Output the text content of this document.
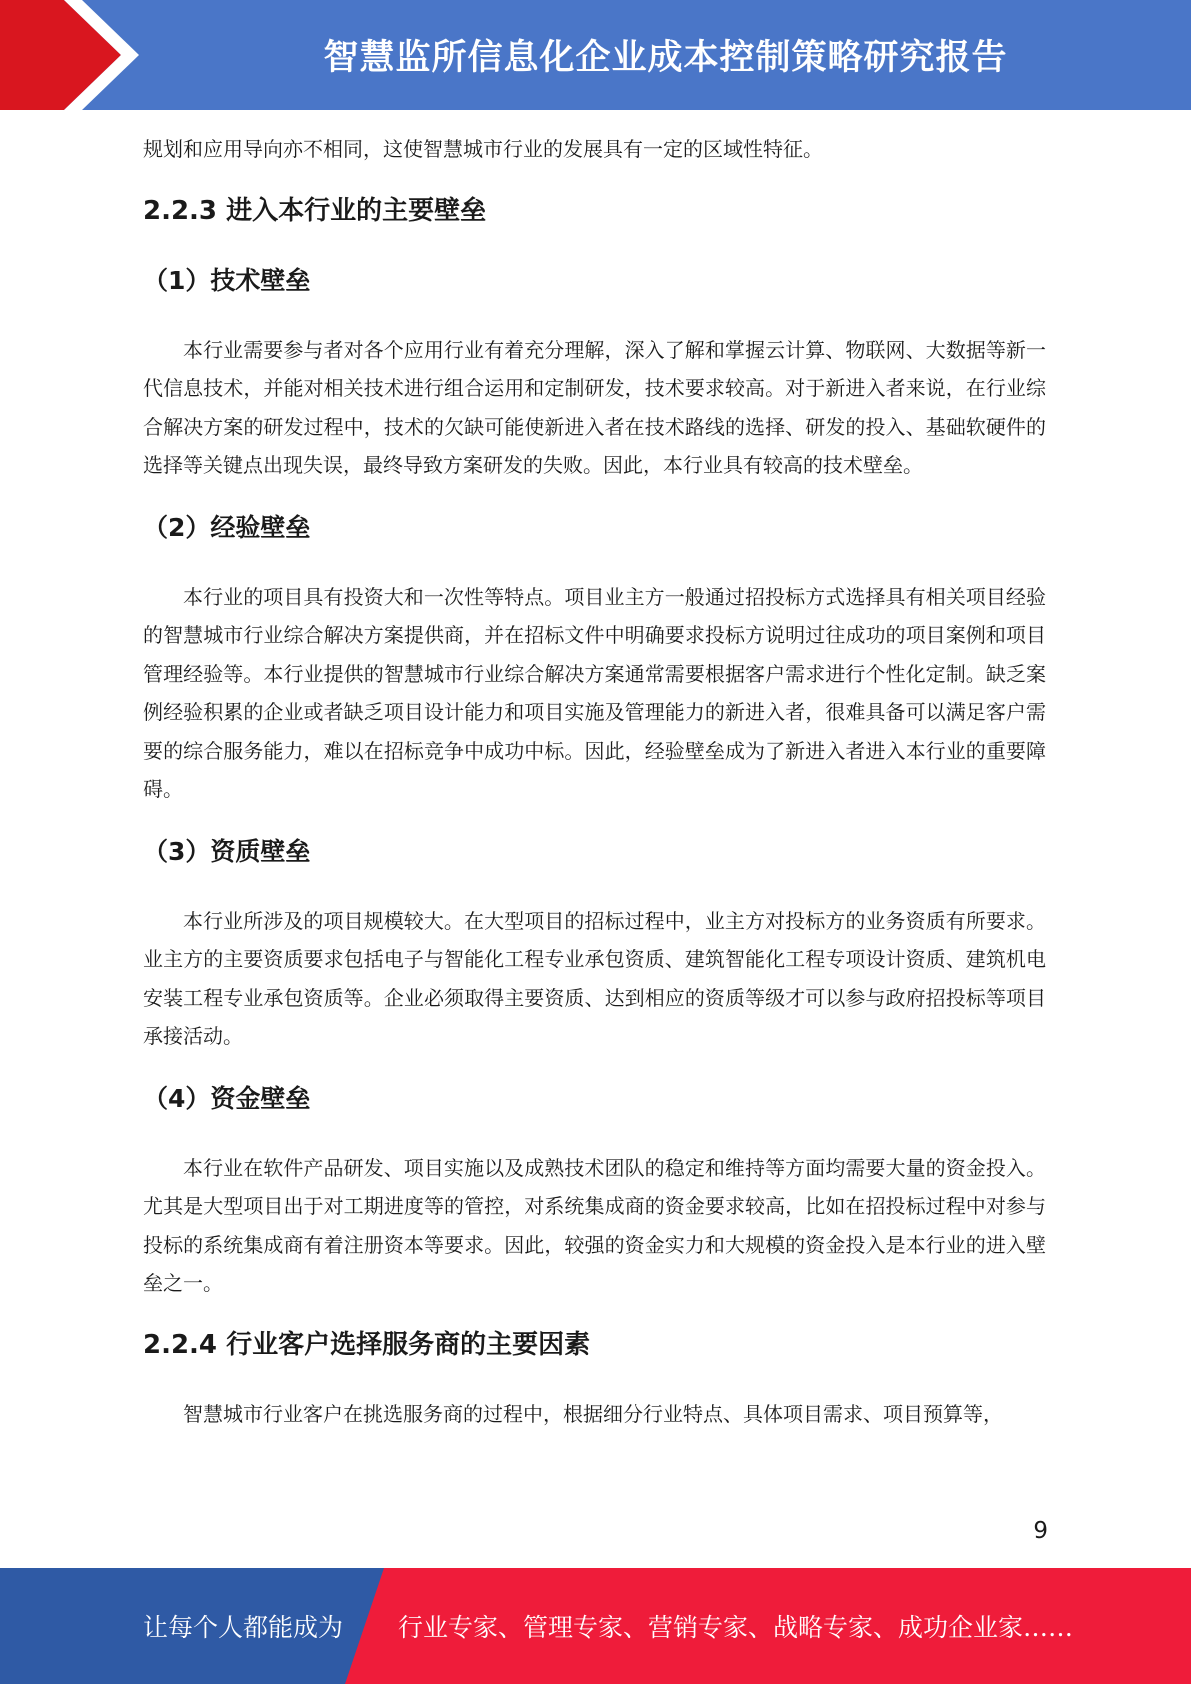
智慧监所信息化企业成本控制策略研究报告

规划和应用导向亦不相同，这使智慧城市行业的发展具有一定的区域性特征。

2.2.3 进入本行业的主要壁垒
（1）技术壁垒

本行业需要参与者对各个应用行业有着充分理解，深入了解和掌握云计算、物联网、大数据等新一代信息技术，并能对相关技术进行组合运用和定制研发，技术要求较高。对于新进入者来说，在行业综合解决方案的研发过程中，技术的欠缺可能使新进入者在技术路线的选择、研发的投入、基础软硬件的选择等关键点出现失误，最终导致方案研发的失败。因此，本行业具有较高的技术壁垒。

（2）经验壁垒

本行业的项目具有投资大和一次性等特点。项目业主方一般通过招投标方式选择具有相关项目经验的智慧城市行业综合解决方案提供商，并在招标文件中明确要求投标方说明过往成功的项目案例和项目管理经验等。本行业提供的智慧城市行业综合解决方案通常需要根据客户需求进行个性化定制。缺乏案例经验积累的企业或者缺乏项目设计能力和项目实施及管理能力的新进入者，很难具备可以满足客户需要的综合服务能力，难以在招标竞争中成功中标。因此，经验壁垒成为了新进入者进入本行业的重要障碍。

（3）资质壁垒

本行业所涉及的项目规模较大。在大型项目的招标过程中，业主方对投标方的业务资质有所要求。业主方的主要资质要求包括电子与智能化工程专业承包资质、建筑智能化工程专项设计资质、建筑机电安装工程专业承包资质等。企业必须取得主要资质、达到相应的资质等级才可以参与政府招投标等项目承接活动。

（4）资金壁垒

本行业在软件产品研发、项目实施以及成熟技术团队的稳定和维持等方面均需要大量的资金投入。尤其是大型项目出于对工期进度等的管控，对系统集成商的资金要求较高，比如在招投标过程中对参与投标的系统集成商有着注册资本等要求。因此，较强的资金实力和大规模的资金投入是本行业的进入壁垒之一。

2.2.4 行业客户选择服务商的主要因素

智慧城市行业客户在挑选服务商的过程中，根据细分行业特点、具体项目需求、项目预算等，

9
让每个人都能成为 行业专家、管理专家、营销专家、战略专家、成功企业家……
